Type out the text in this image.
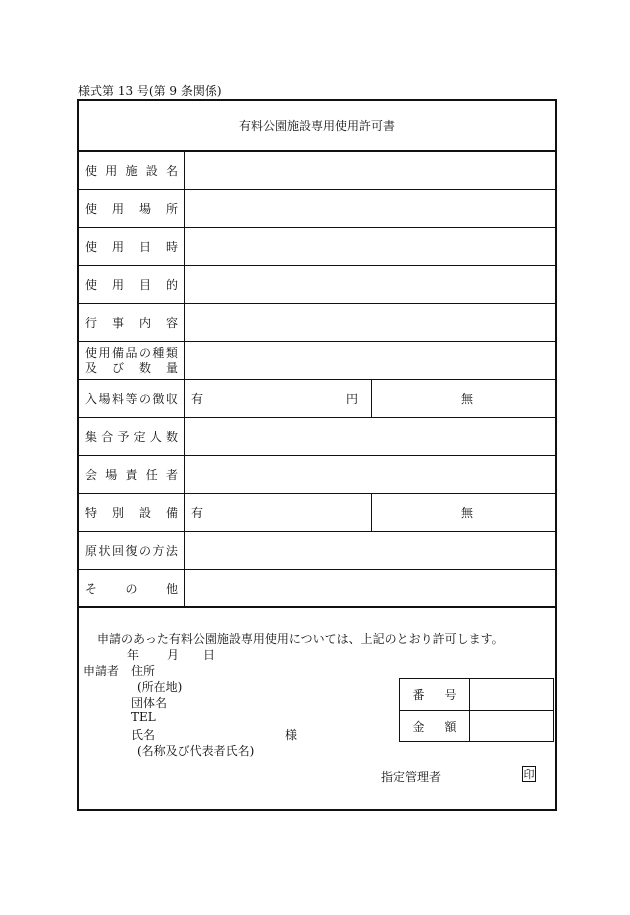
様式第 13 号(第 9 条関係)
有料公園施設専用使用許可書
使 用 施 設 名
使 用 場 所
使 用 日 時
使 用 目 的
行 事 内 容
使 用 備 品 の 種 類
及 び 数 量
入 場 料 等 の 徴 収 有	円	無
集 合 予 定 人 数
会 場 責 任 者
特 別 設 備 有	無
原 状 回 復 の 方 法
そ の 他
申請のあった有料公園施設専用使用については、上記のとおり許可します。
年 月 日
申請者 住所
(所在地)
団体名
TEL
氏名	様
(名称及び代表者氏名)
番 号
金 額
指定管理者	印
